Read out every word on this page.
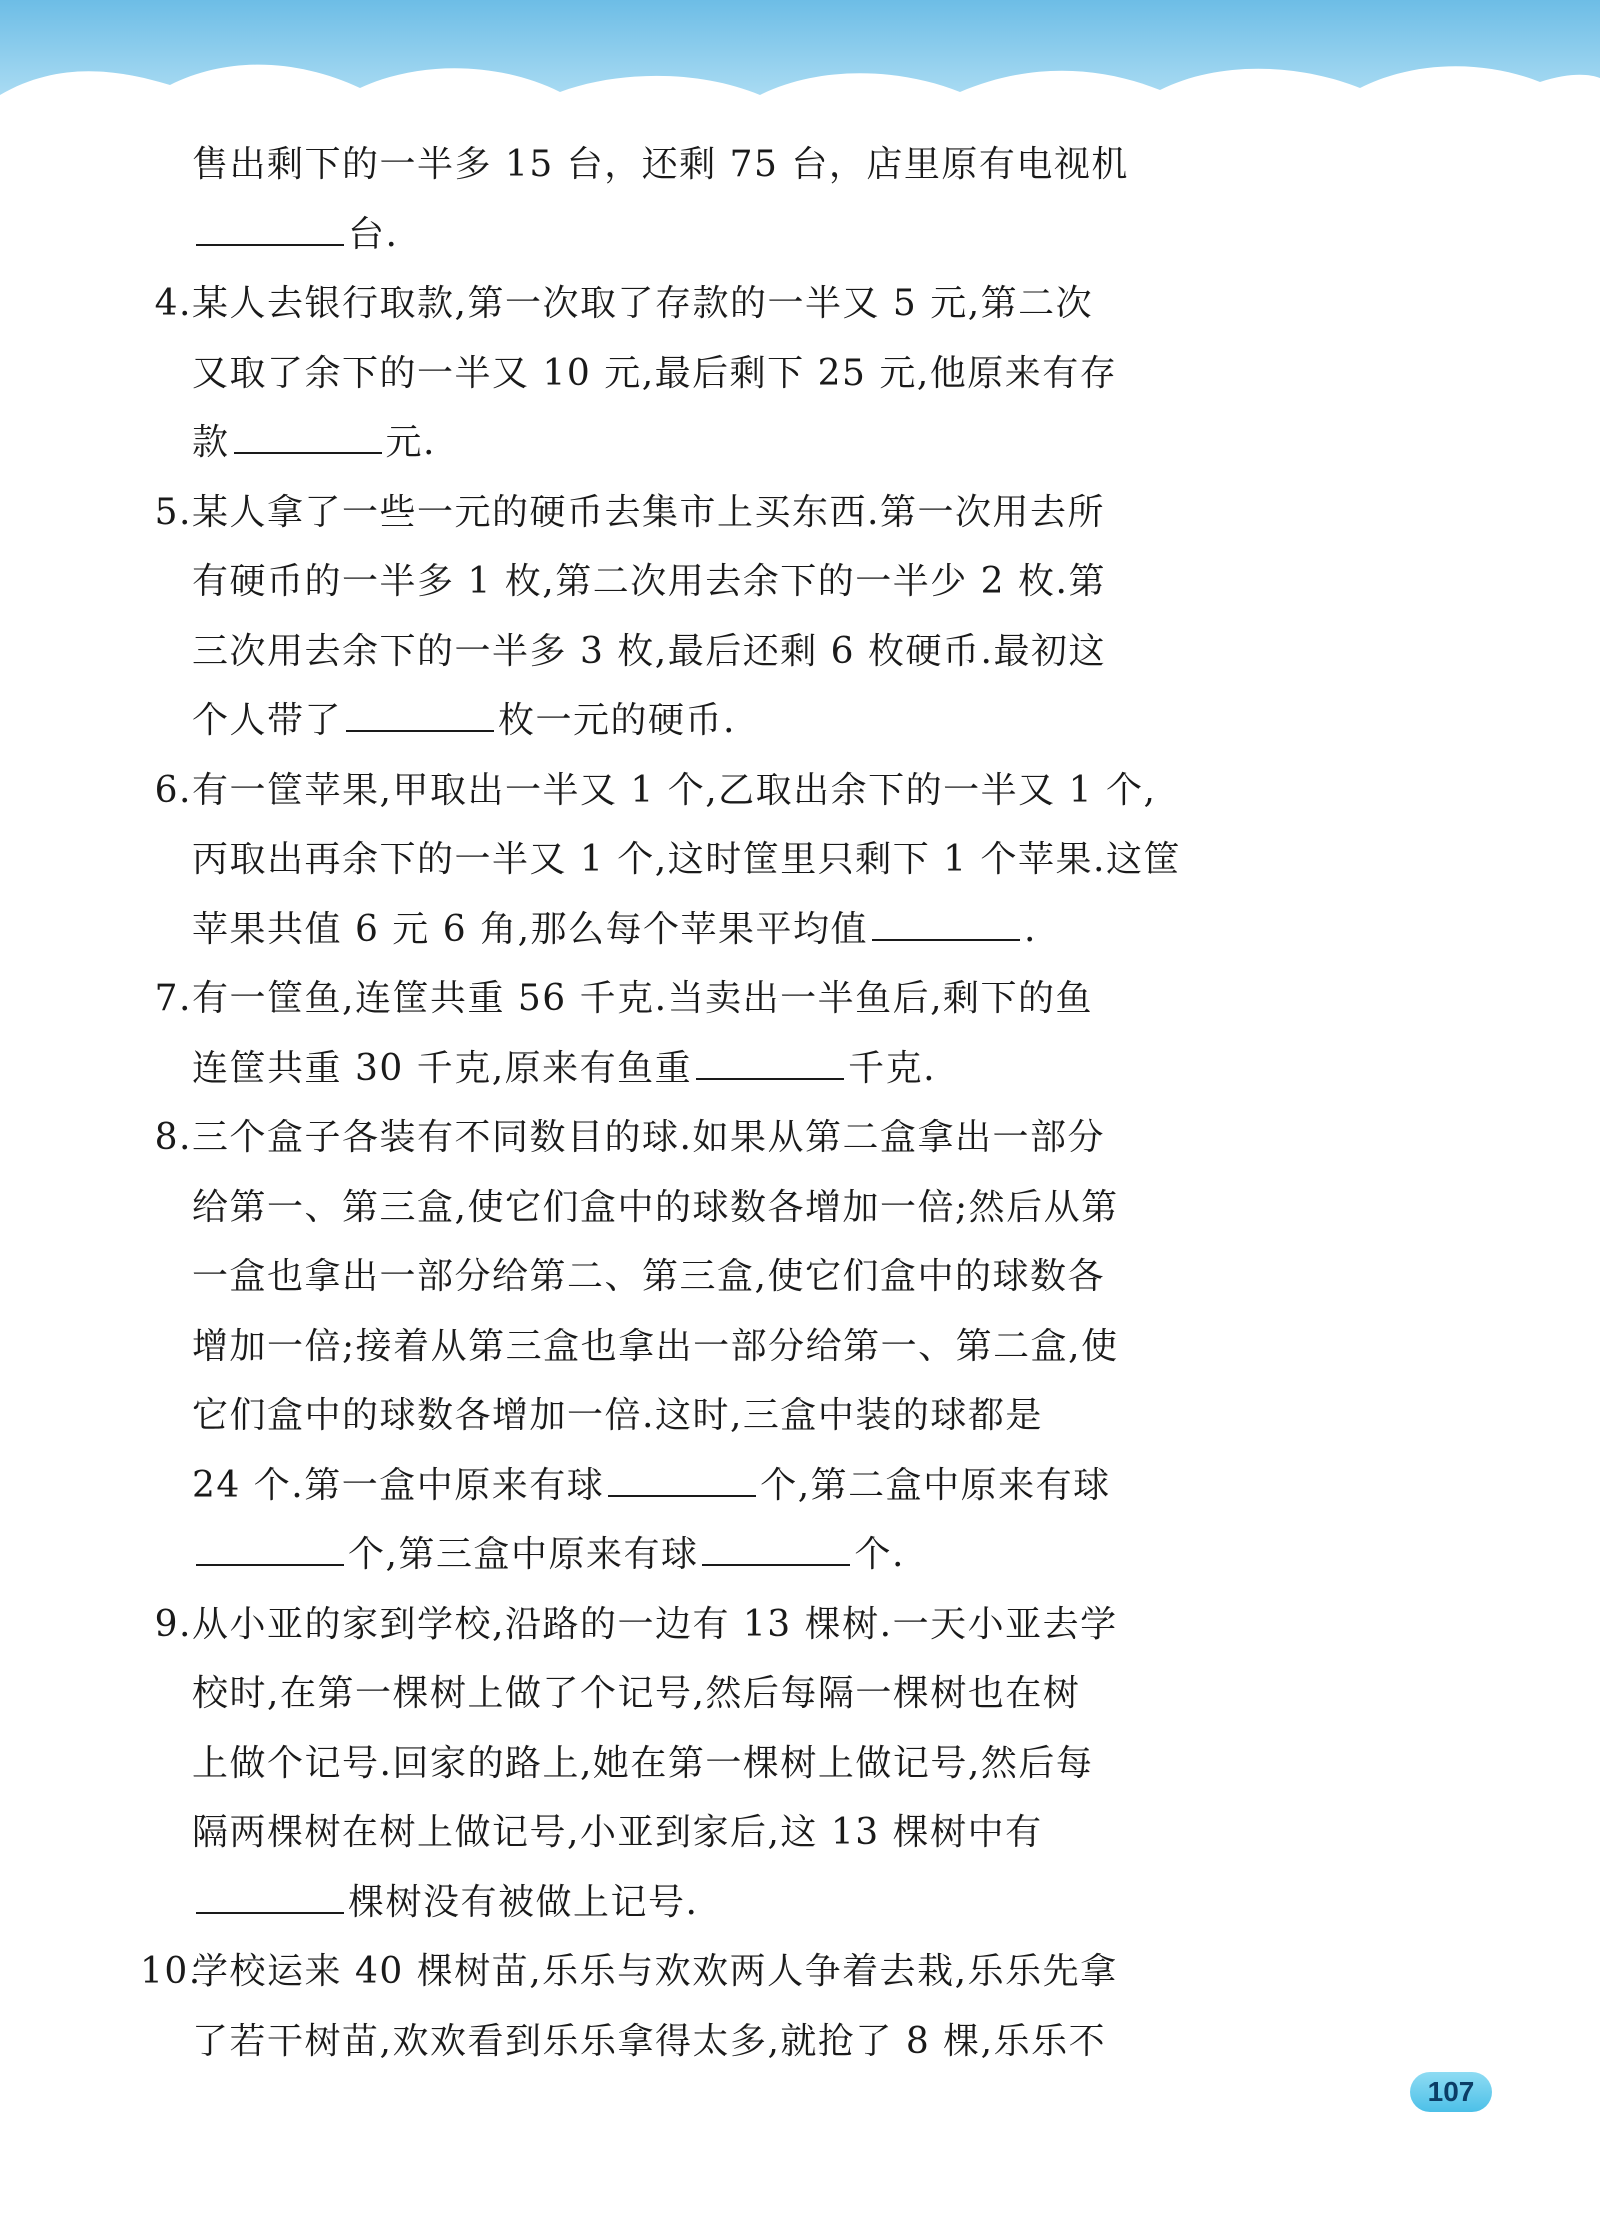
售出剩下的一半多 15 台，还剩 75 台，店里原有电视机
台.
4.某人去银行取款,第一次取了存款的一半又 5 元,第二次
又取了余下的一半又 10 元,最后剩下 25 元,他原来有存
款	元.
5.某人拿了一些一元的硬币去集市上买东西.第一次用去所
有硬币的一半多 1 枚,第二次用去余下的一半少 2 枚.第
三次用去余下的一半多 3 枚,最后还剩 6 枚硬币.最初这
个人带了	枚一元的硬币.
6.有一筐苹果,甲取出一半又 1 个,乙取出余下的一半又 1 个,
丙取出再余下的一半又 1 个,这时筐里只剩下 1 个苹果.这筐
苹果共值 6 元 6 角,那么每个苹果平均值	.
7.有一筐鱼,连筐共重 56 千克.当卖出一半鱼后,剩下的鱼
连筐共重 30 千克,原来有鱼重	千克.
8.三个盒子各装有不同数目的球.如果从第二盒拿出一部分
给第一、第三盒,使它们盒中的球数各增加一倍;然后从第
一盒也拿出一部分给第二、第三盒,使它们盒中的球数各
增加一倍;接着从第三盒也拿出一部分给第一、第二盒,使
它们盒中的球数各增加一倍.这时,三盒中装的球都是
24 个.第一盒中原来有球	个,第二盒中原来有球
个,第三盒中原来有球	个.
9.从小亚的家到学校,沿路的一边有 13 棵树.一天小亚去学
校时,在第一棵树上做了个记号,然后每隔一棵树也在树
上做个记号.回家的路上,她在第一棵树上做记号,然后每
隔两棵树在树上做记号,小亚到家后,这 13 棵树中有
棵树没有被做上记号.
10.学校运来 40 棵树苗,乐乐与欢欢两人争着去栽,乐乐先拿
了若干树苗,欢欢看到乐乐拿得太多,就抢了 8 棵,乐乐不
107
